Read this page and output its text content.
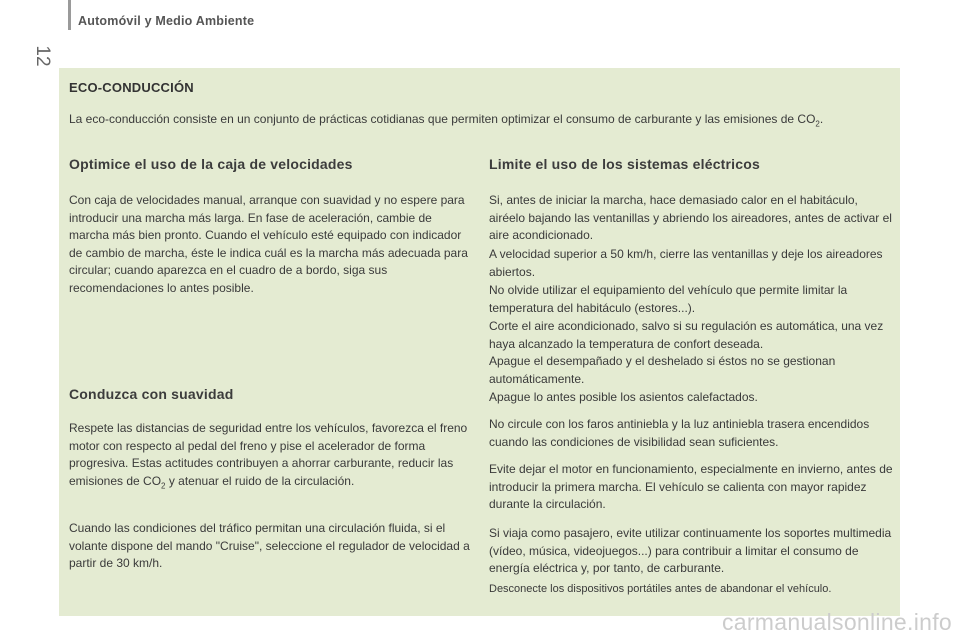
Automóvil y Medio Ambiente
12
ECO-CONDUCCIÓN
La eco-conducción consiste en un conjunto de prácticas cotidianas que permiten optimizar el consumo de carburante y las emisiones de $CO_2$.
Optimice el uso de la caja de velocidades

Con caja de velocidades manual, arranque con suavidad y no espere para introducir una marcha más larga. En fase de aceleración, cambie de marcha más bien pronto. Cuando el vehículo esté equipado con indicador de cambio de marcha, éste le indica cuál es la marcha más adecuada para circular; cuando aparezca en el cuadro de a bordo, siga sus recomendaciones lo antes posible.

Conduzca con suavidad

Respete las distancias de seguridad entre los vehículos, favorezca el freno motor con respecto al pedal del freno y pise el acelerador de forma progresiva. Estas actitudes contribuyen a ahorrar carburante, reducir las emisiones de $CO_2$ y atenuar el ruido de la circulación.

Cuando las condiciones del tráfico permitan una circulación fluida, si el volante dispone del mando "Cruise", seleccione el regulador de velocidad a partir de 30 km/h.

Limite el uso de los sistemas eléctricos

Si, antes de iniciar la marcha, hace demasiado calor en el habitáculo, airéelo bajando las ventanillas y abriendo los aireadores, antes de activar el aire acondicionado.

A velocidad superior a 50 km/h, cierre las ventanillas y deje los aireadores abiertos.

No olvide utilizar el equipamiento del vehículo que permite limitar la temperatura del habitáculo (estores...).

Corte el aire acondicionado, salvo si su regulación es automática, una vez haya alcanzado la temperatura de confort deseada.

Apague el desempañado y el deshelado si éstos no se gestionan automáticamente.

Apague lo antes posible los asientos calefactados.

No circule con los faros antiniebla y la luz antiniebla trasera encendidos cuando las condiciones de visibilidad sean suficientes.

Evite dejar el motor en funcionamiento, especialmente en invierno, antes de introducir la primera marcha. El vehículo se calienta con mayor rapidez durante la circulación.

Si viaja como pasajero, evite utilizar continuamente los soportes multimedia (vídeo, música, videojuegos...) para contribuir a limitar el consumo de energía eléctrica y, por tanto, de carburante.

Desconecte los dispositivos portátiles antes de abandonar el vehículo.

carmanualsonline.info
